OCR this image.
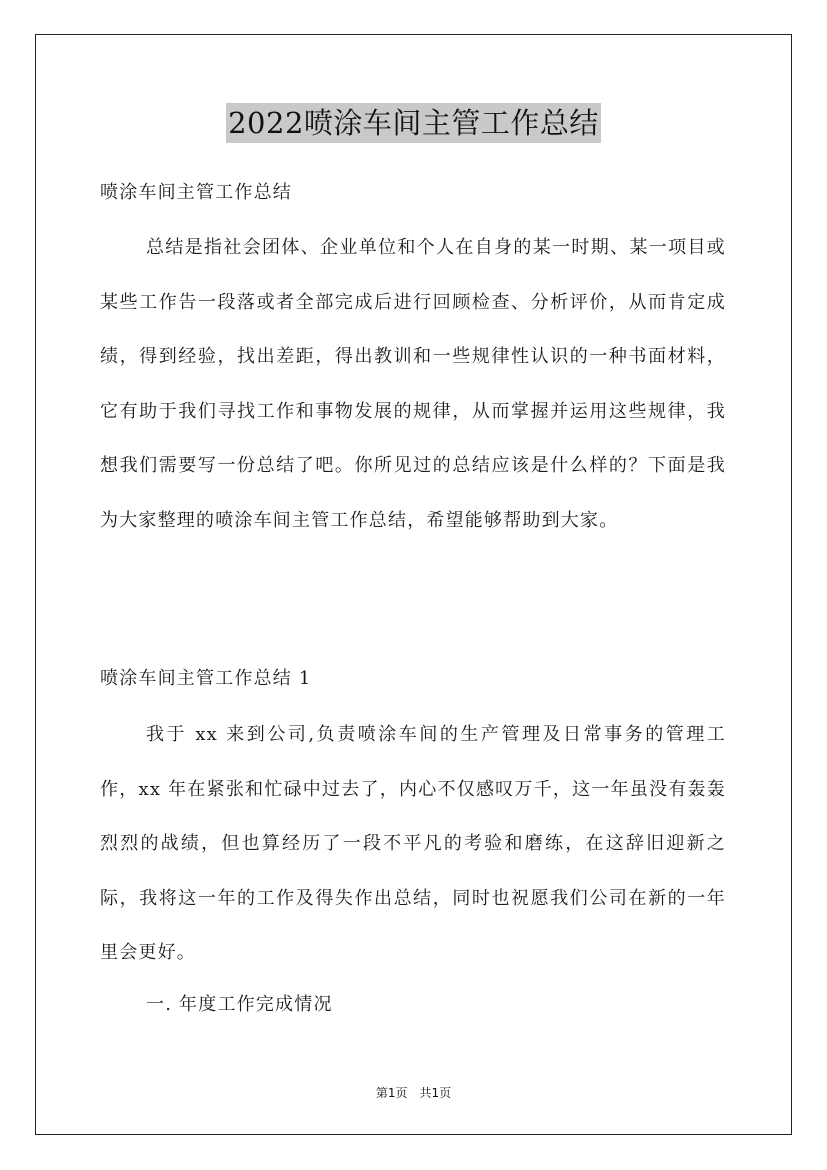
2022喷涂车间主管工作总结
喷涂车间主管工作总结

总结是指社会团体、企业单位和个人在自身的某一时期、某一项目或某些工作告一段落或者全部完成后进行回顾检查、分析评价，从而肯定成绩，得到经验，找出差距，得出教训和一些规律性认识的一种书面材料，它有助于我们寻找工作和事物发展的规律，从而掌握并运用这些规律，我想我们需要写一份总结了吧。你所见过的总结应该是什么样的？下面是我为大家整理的喷涂车间主管工作总结，希望能够帮助到大家。

喷涂车间主管工作总结 1

我于 xx 来到公司,负责喷涂车间的生产管理及日常事务的管理工作，xx 年在紧张和忙碌中过去了，内心不仅感叹万千，这一年虽没有轰轰烈烈的战绩，但也算经历了一段不平凡的考验和磨练，在这辞旧迎新之际，我将这一年的工作及得失作出总结，同时也祝愿我们公司在新的一年里会更好。

一. 年度工作完成情况
第1页　共1页
